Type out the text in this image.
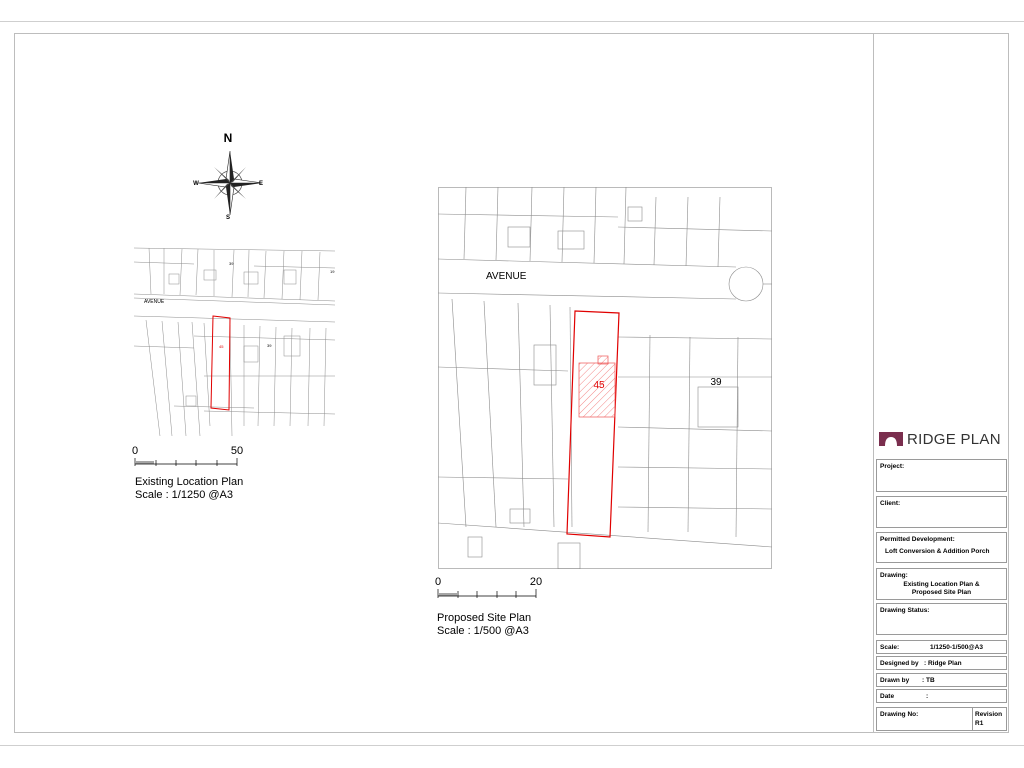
N
S
E
W
45	39
39
19
AVENUE
0	50
Existing Location Plan
Scale : 1/1250 @A3
45	39
AVENUE
0	20
Proposed Site Plan
Scale : 1/500 @A3
RIDGE PLAN
Project:
Client:
Permitted Development:
Loft Conversion & Addition Porch
Drawing:
Existing Location Plan &
Proposed Site Plan
Drawing Status:
Scale:	1/1250-1/500@A3
Designed by : Ridge Plan
Drawn by : TB
Date	:
Drawing No:	Revision
R1
